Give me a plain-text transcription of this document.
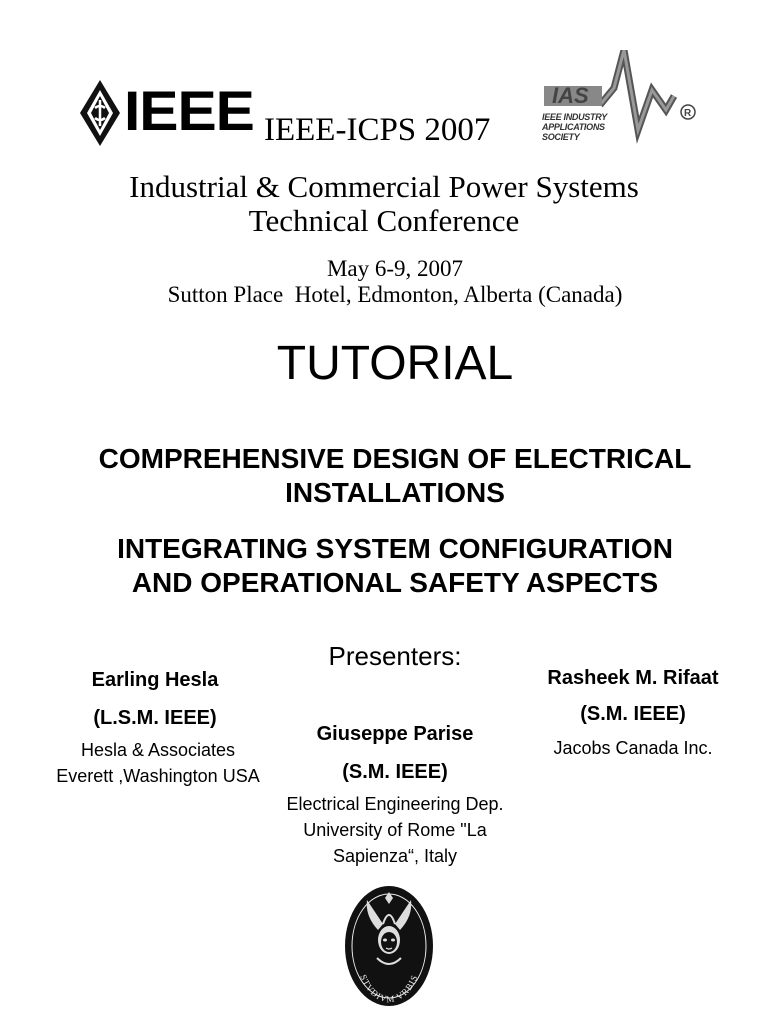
IEEE IEEE-ICPS 2007	R
IAS
IEEE INDUSTRY APPLICATIONS SOCIETY
Industrial & Commercial Power Systems
Technical Conference
May 6-9, 2007
Sutton Place  Hotel, Edmonton, Alberta (Canada)
TUTORIAL
COMPREHENSIVE DESIGN OF ELECTRICAL
INSTALLATIONS
INTEGRATING SYSTEM CONFIGURATION
AND OPERATIONAL SAFETY ASPECTS
Presenters:
Earling Hesla
(L.S.M. IEEE)
Hesla & Associates
Everett ,Washington USA
Giuseppe Parise
(S.M. IEEE)
Electrical Engineering Dep.
University of Rome "La
Sapienza“, Italy
Rasheek M. Rifaat
(S.M. IEEE)
Jacobs Canada Inc.
STVDIVM VRBIS
